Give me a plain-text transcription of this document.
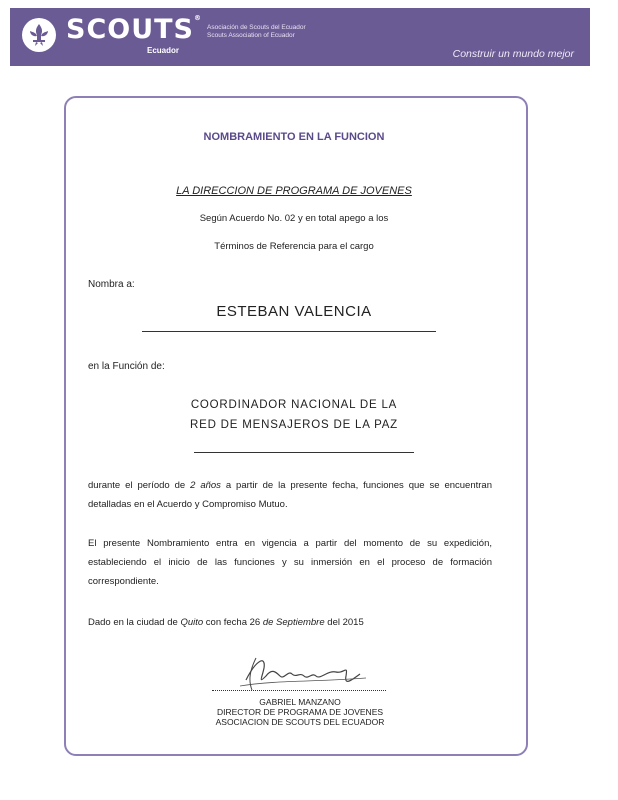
SCOUTS®
Ecuador
Asociación de Scouts del Ecuador
Scouts Association of Ecuador
Construir un mundo mejor
NOMBRAMIENTO EN LA FUNCION
LA DIRECCION DE PROGRAMA DE JOVENES
Según Acuerdo No. 02 y en total apego a los
Términos de Referencia para el cargo
Nombra a:
ESTEBAN VALENCIA
en la Función de:
COORDINADOR NACIONAL DE LA
RED DE MENSAJEROS DE LA PAZ
durante el período de 2 años a partir de la presente fecha, funciones que se encuentran detalladas en el Acuerdo y Compromiso Mutuo.
El presente Nombramiento entra en vigencia a partir del momento de su expedición, estableciendo el inicio de las funciones y su inmersión en el proceso de formación correspondiente.
Dado en la ciudad de Quito con fecha 26 de Septiembre del 2015
GABRIEL MANZANO
DIRECTOR DE PROGRAMA DE JOVENES
ASOCIACION DE SCOUTS DEL ECUADOR
